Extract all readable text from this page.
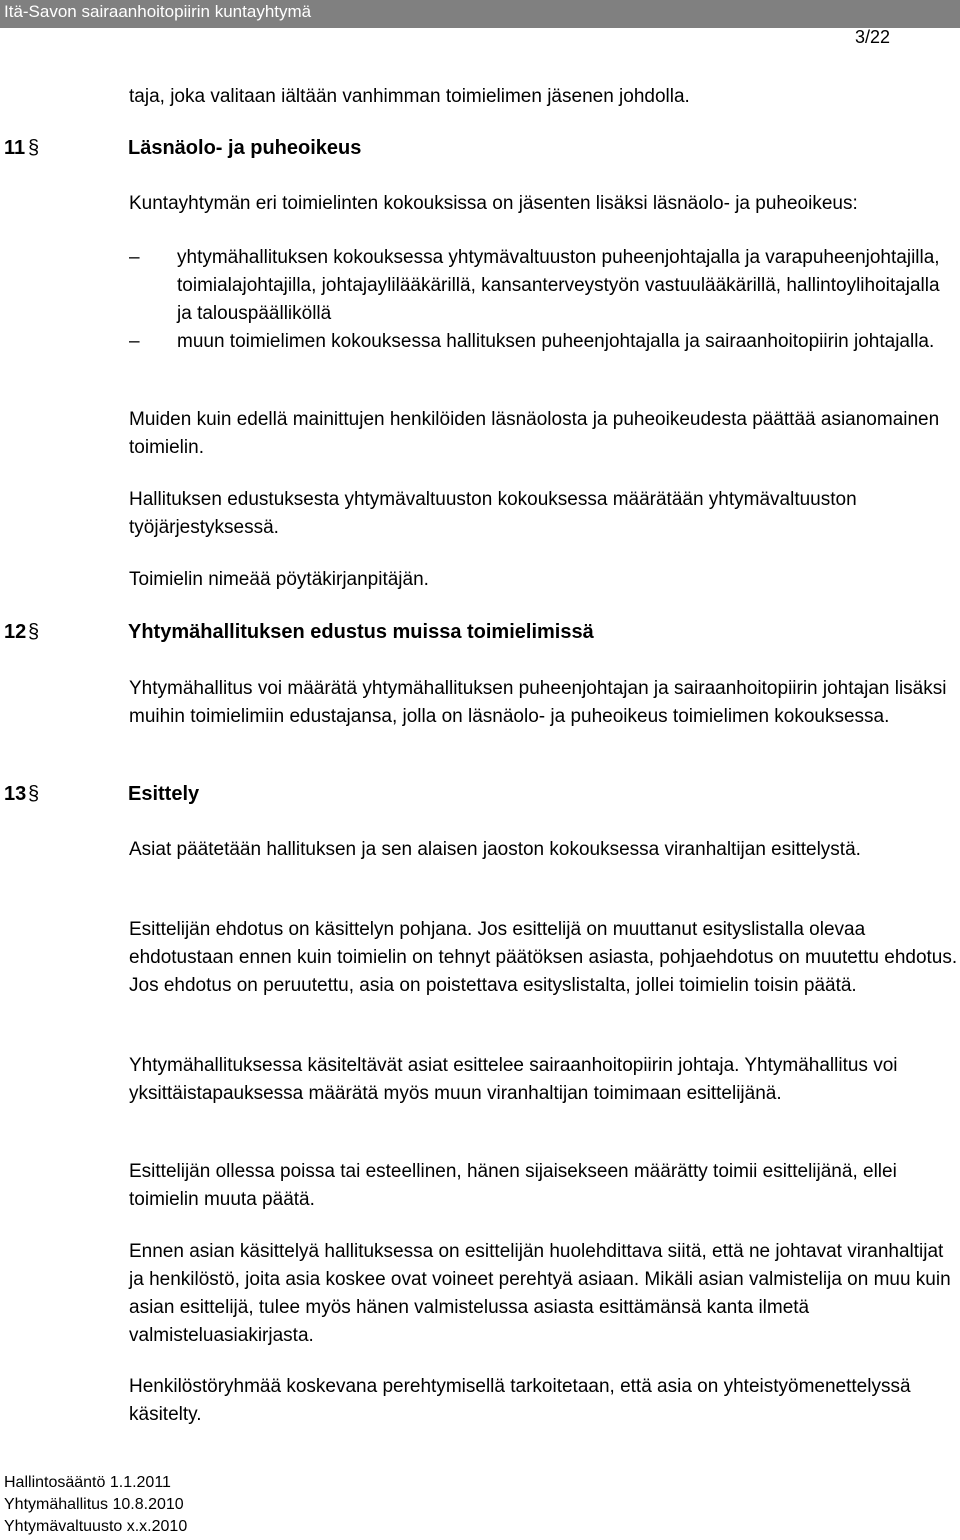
Itä-Savon sairaanhoitopiirin kuntayhtymä
3/22

taja, joka valitaan iältään vanhimman toimielimen jäsenen johdolla.

11 §	Läsnäolo- ja puheoikeus

Kuntayhtymän eri toimielinten kokouksissa on jäsenten lisäksi läsnäolo- ja puheoikeus:

–	yhtymähallituksen kokouksessa yhtymävaltuuston puheenjohtajalla ja varapuheenjohtajilla, toimialajohtajilla, johtajaylilääkärillä, kansanterveystyön vastuulääkärillä, hallintoylihoitajalla ja talouspäälliköllä
–	muun toimielimen kokouksessa hallituksen puheenjohtajalla ja sairaanhoitopiirin johtajalla.

Muiden kuin edellä mainittujen henkilöiden läsnäolosta ja puheoikeudesta päättää asianomainen toimielin.

Hallituksen edustuksesta yhtymävaltuuston kokouksessa määrätään yhtymävaltuuston työjärjestyksessä.

Toimielin nimeää pöytäkirjanpitäjän.

12§	Yhtymähallituksen edustus muissa toimielimissä

Yhtymähallitus voi määrätä yhtymähallituksen puheenjohtajan ja sairaanhoitopiirin johtajan lisäksi muihin toimielimiin edustajansa, jolla on läsnäolo- ja puheoikeus toimielimen kokouksessa.

13§	Esittely

Asiat päätetään hallituksen ja sen alaisen jaoston kokouksessa viranhaltijan esittelystä.

Esittelijän ehdotus on käsittelyn pohjana. Jos esittelijä on muuttanut esityslistalla olevaa ehdotustaan ennen kuin toimielin on tehnyt päätöksen asiasta, pohjaehdotus on muutettu ehdotus. Jos ehdotus on peruutettu, asia on poistettava esityslistalta, jollei toimielin toisin päätä.

Yhtymähallituksessa käsiteltävät asiat esittelee sairaanhoitopiirin johtaja. Yhtymähallitus voi yksittäistapauksessa määrätä myös muun viranhaltijan toimimaan esittelijänä.

Esittelijän ollessa poissa tai esteellinen, hänen sijaisekseen määrätty toimii esittelijänä, ellei toimielin muuta päätä.

Ennen asian käsittelyä hallituksessa on esittelijän huolehdittava siitä, että ne johtavat viranhaltijat ja henkilöstö, joita asia koskee ovat voineet perehtyä asiaan. Mikäli asian valmistelija on muu kuin asian esittelijä, tulee myös hänen valmistelussa asiasta esittämänsä kanta ilmetä valmisteluasiakirjasta.

Henkilöstöryhmää koskevana perehtymisellä tarkoitetaan, että asia on yhteistyömenettelyssä käsitelty.

Hallintosääntö 1.1.2011
Yhtymähallitus 10.8.2010
Yhtymävaltuusto x.x.2010
